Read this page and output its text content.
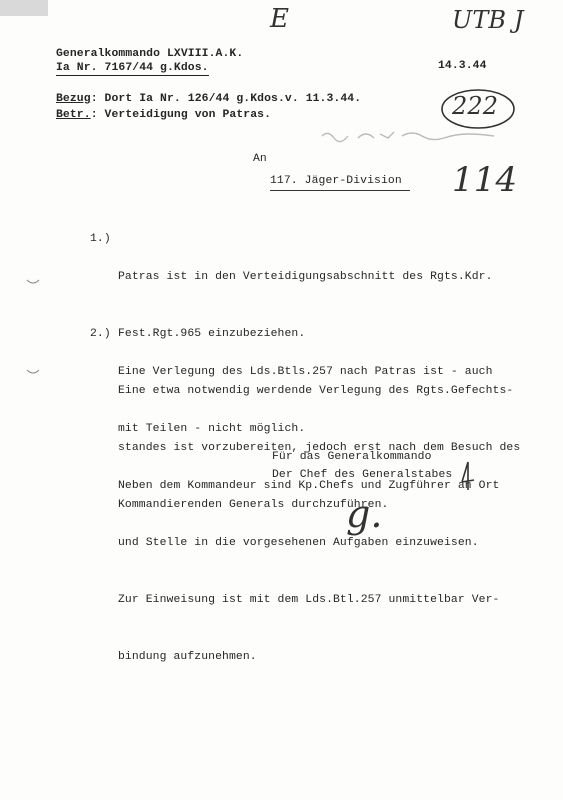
E	UTB J
Generalkommando LXVIII.A.K.
Ia Nr. 7167/44 g.Kdos.	14.3.44
Bezug: Dort Ia Nr. 126/44 g.Kdos.v. 11.3.44.
Betr.: Verteidigung von Patras.	222
An
117. Jäger-Division 114
1.)

Patras ist in den Verteidigungsabschnitt des Rgts.Kdr.

Fest.Rgt.965 einzubeziehen.

Eine etwa notwendig werdende Verlegung des Rgts.Gefechts-

standes ist vorzubereiten, jedoch erst nach dem Besuch des

Kommandierenden Generals durchzuführen.

2.)

Eine Verlegung des Lds.Btls.257 nach Patras ist - auch

mit Teilen - nicht möglich.

Neben dem Kommandeur sind Kp.Chefs und Zugführer an Ort

und Stelle in die vorgesehenen Aufgaben einzuweisen.

Zur Einweisung ist mit dem Lds.Btl.257 unmittelbar Ver-

bindung aufzunehmen.

Für das Generalkommando
Der Chef des Generalstabes
g.
